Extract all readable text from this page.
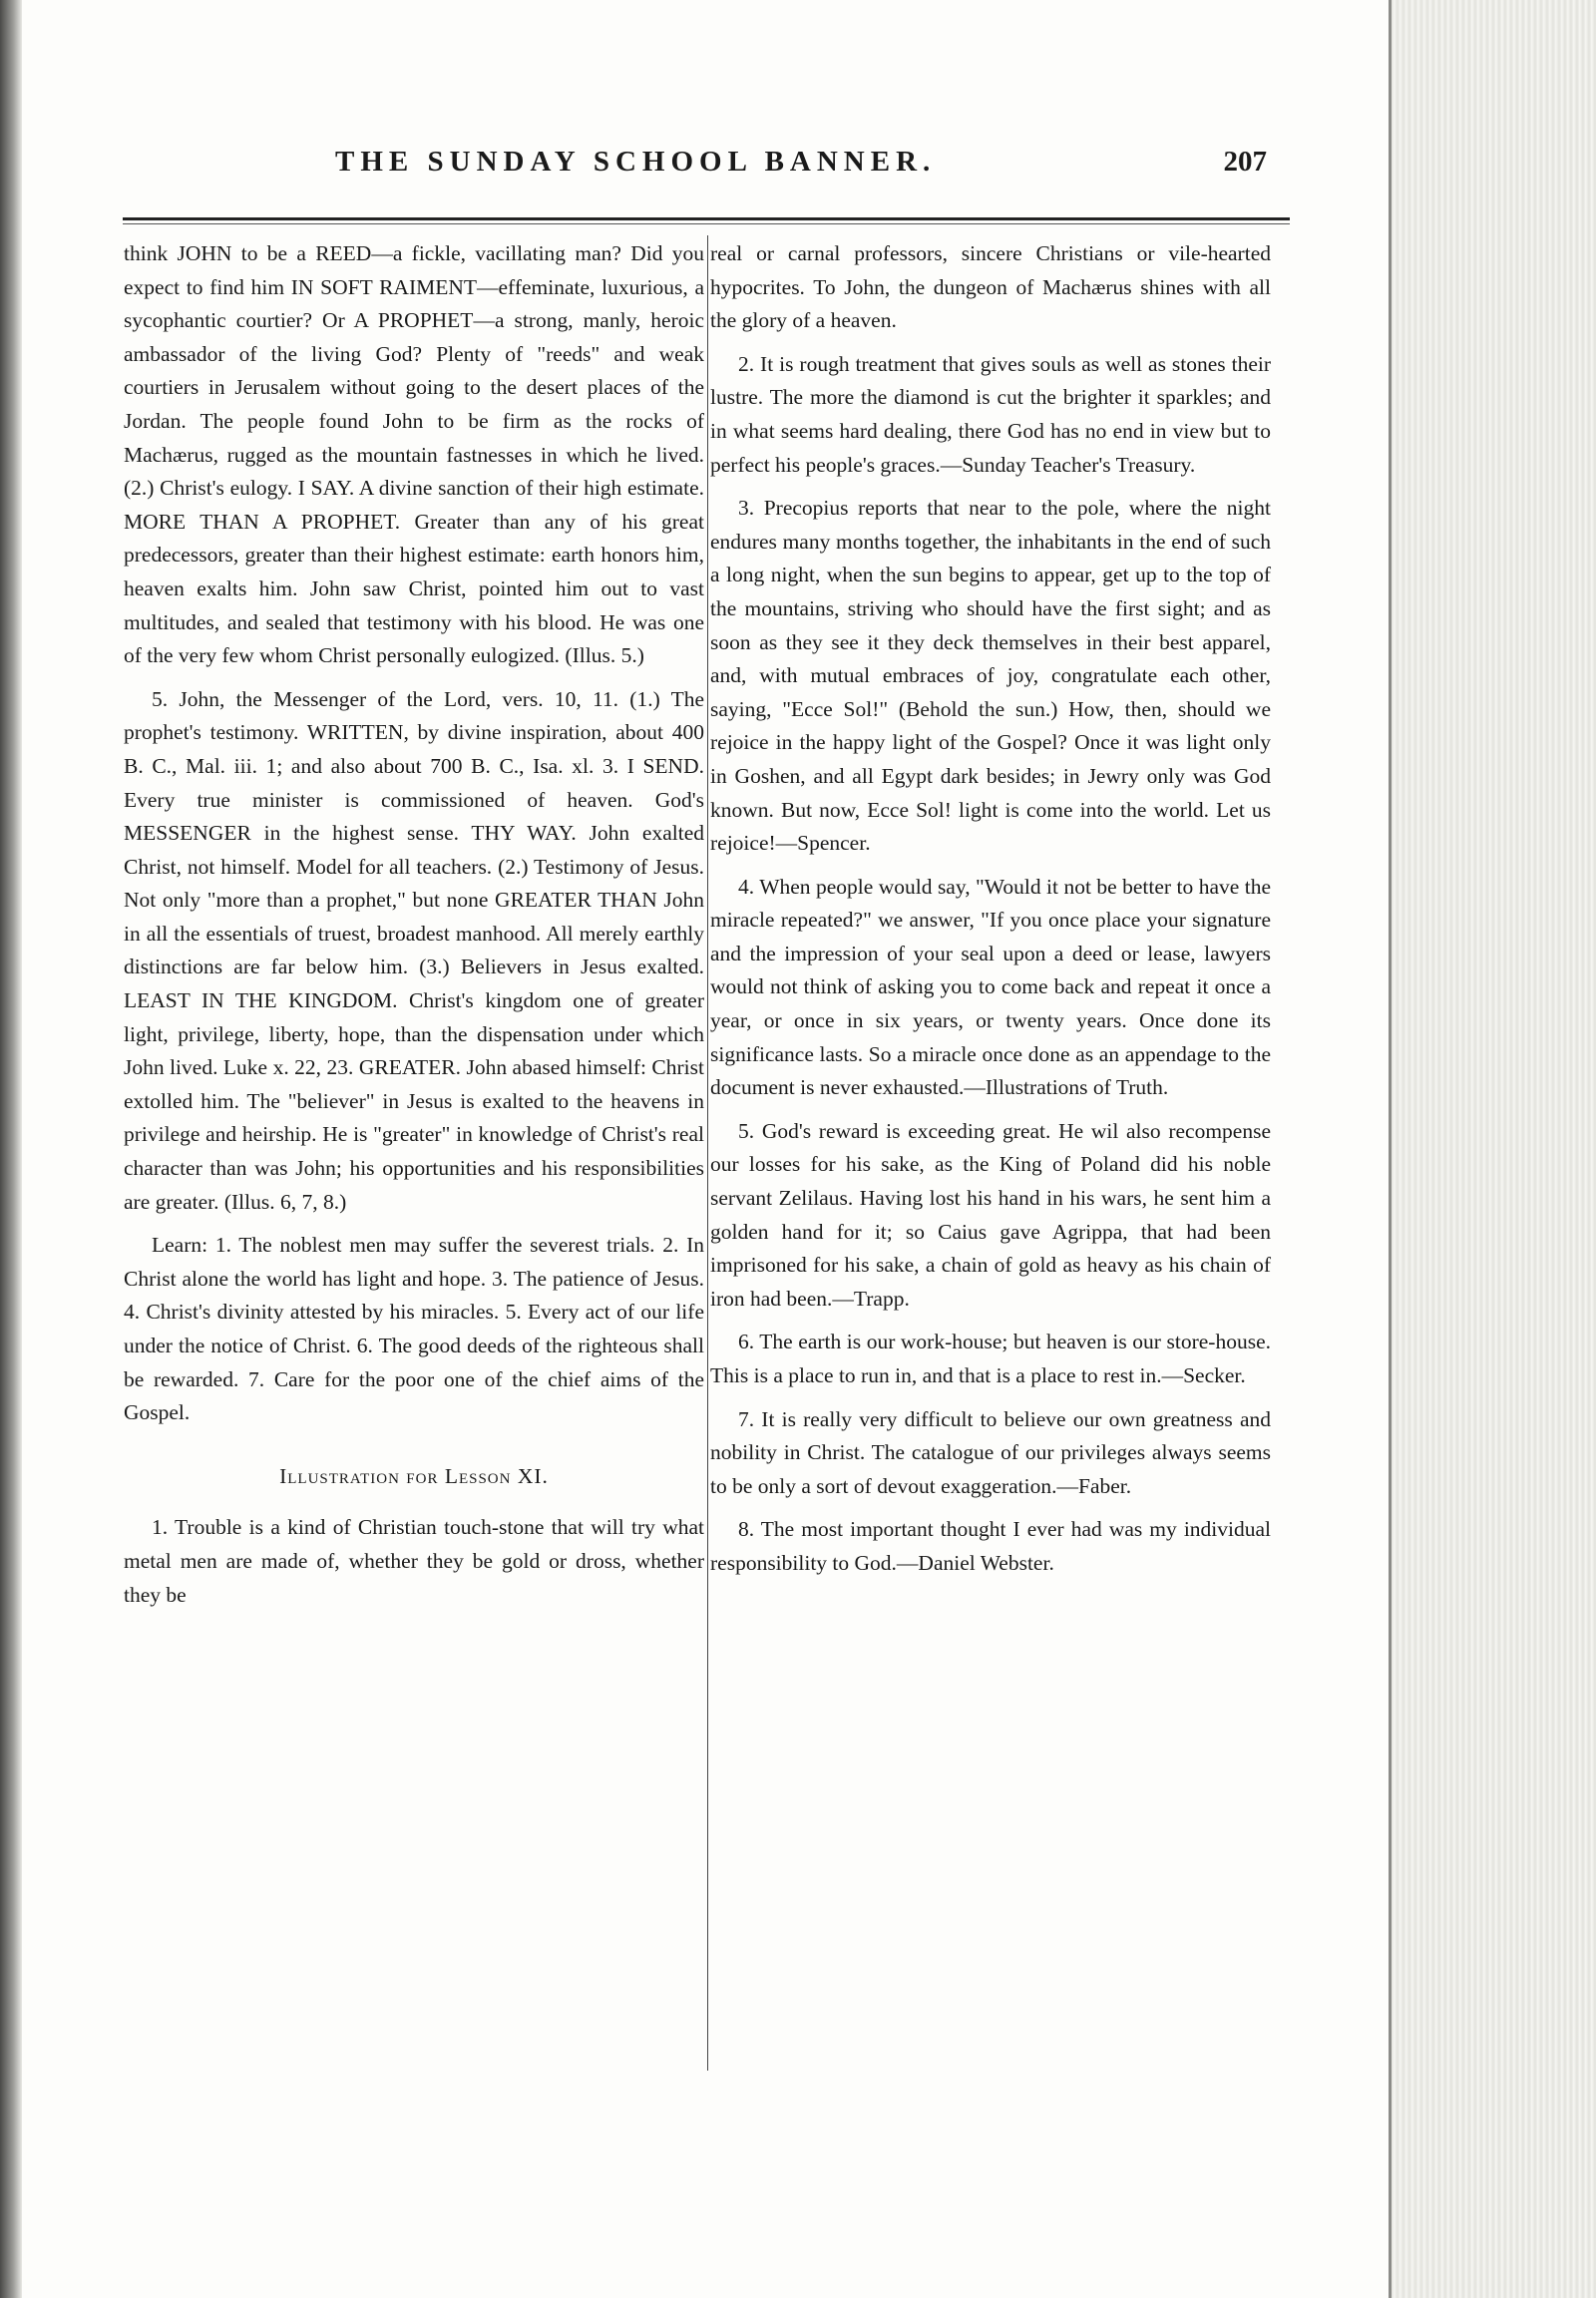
THE SUNDAY SCHOOL BANNER.	207

think JOHN to be a REED—a fickle, vacillating man? Did you expect to find him IN SOFT RAIMENT—effeminate, luxurious, a sycophantic courtier? Or A PROPHET—a strong, manly, heroic ambassador of the living God? Plenty of "reeds" and weak courtiers in Jerusalem without going to the desert places of the Jordan. The people found John to be firm as the rocks of Machærus, rugged as the mountain fastnesses in which he lived. (2.) Christ's eulogy. I SAY. A divine sanction of their high estimate. MORE THAN A PROPHET. Greater than any of his great predecessors, greater than their highest estimate: earth honors him, heaven exalts him. John saw Christ, pointed him out to vast multitudes, and sealed that testimony with his blood. He was one of the very few whom Christ personally eulogized. (Illus. 5.)

5. John, the Messenger of the Lord, vers. 10, 11. (1.) The prophet's testimony. WRITTEN, by divine inspiration, about 400 B. C., Mal. iii. 1; and also about 700 B. C., Isa. xl. 3. I SEND. Every true minister is commissioned of heaven. God's MESSENGER in the highest sense. THY WAY. John exalted Christ, not himself. Model for all teachers. (2.) Testimony of Jesus. Not only "more than a prophet," but none GREATER THAN John in all the essentials of truest, broadest manhood. All merely earthly distinctions are far below him. (3.) Believers in Jesus exalted. LEAST IN THE KINGDOM. Christ's kingdom one of greater light, privilege, liberty, hope, than the dispensation under which John lived. Luke x. 22, 23. GREATER. John abased himself: Christ extolled him. The "believer" in Jesus is exalted to the heavens in privilege and heirship. He is "greater" in knowledge of Christ's real character than was John; his opportunities and his responsibilities are greater. (Illus. 6, 7, 8.)

Learn: 1. The noblest men may suffer the severest trials. 2. In Christ alone the world has light and hope. 3. The patience of Jesus. 4. Christ's divinity attested by his miracles. 5. Every act of our life under the notice of Christ. 6. The good deeds of the righteous shall be rewarded. 7. Care for the poor one of the chief aims of the Gospel.

Illustration for Lesson XI.

1. Trouble is a kind of Christian touch-stone that will try what metal men are made of, whether they be gold or dross, whether they be

real or carnal professors, sincere Christians or vile-hearted hypocrites. To John, the dungeon of Machærus shines with all the glory of a heaven.

2. It is rough treatment that gives souls as well as stones their lustre. The more the diamond is cut the brighter it sparkles; and in what seems hard dealing, there God has no end in view but to perfect his people's graces.—Sunday Teacher's Treasury.

3. Precopius reports that near to the pole, where the night endures many months together, the inhabitants in the end of such a long night, when the sun begins to appear, get up to the top of the mountains, striving who should have the first sight; and as soon as they see it they deck themselves in their best apparel, and, with mutual embraces of joy, congratulate each other, saying, "Ecce Sol!" (Behold the sun.) How, then, should we rejoice in the happy light of the Gospel? Once it was light only in Goshen, and all Egypt dark besides; in Jewry only was God known. But now, Ecce Sol! light is come into the world. Let us rejoice!—Spencer.

4. When people would say, "Would it not be better to have the miracle repeated?" we answer, "If you once place your signature and the impression of your seal upon a deed or lease, lawyers would not think of asking you to come back and repeat it once a year, or once in six years, or twenty years. Once done its significance lasts. So a miracle once done as an appendage to the document is never exhausted.—Illustrations of Truth.

5. God's reward is exceeding great. He wil also recompense our losses for his sake, as the King of Poland did his noble servant Zelilaus. Having lost his hand in his wars, he sent him a golden hand for it; so Caius gave Agrippa, that had been imprisoned for his sake, a chain of gold as heavy as his chain of iron had been.—Trapp.

6. The earth is our work-house; but heaven is our store-house. This is a place to run in, and that is a place to rest in.—Secker.

7. It is really very difficult to believe our own greatness and nobility in Christ. The catalogue of our privileges always seems to be only a sort of devout exaggeration.—Faber.

8. The most important thought I ever had was my individual responsibility to God.—Daniel Webster.
